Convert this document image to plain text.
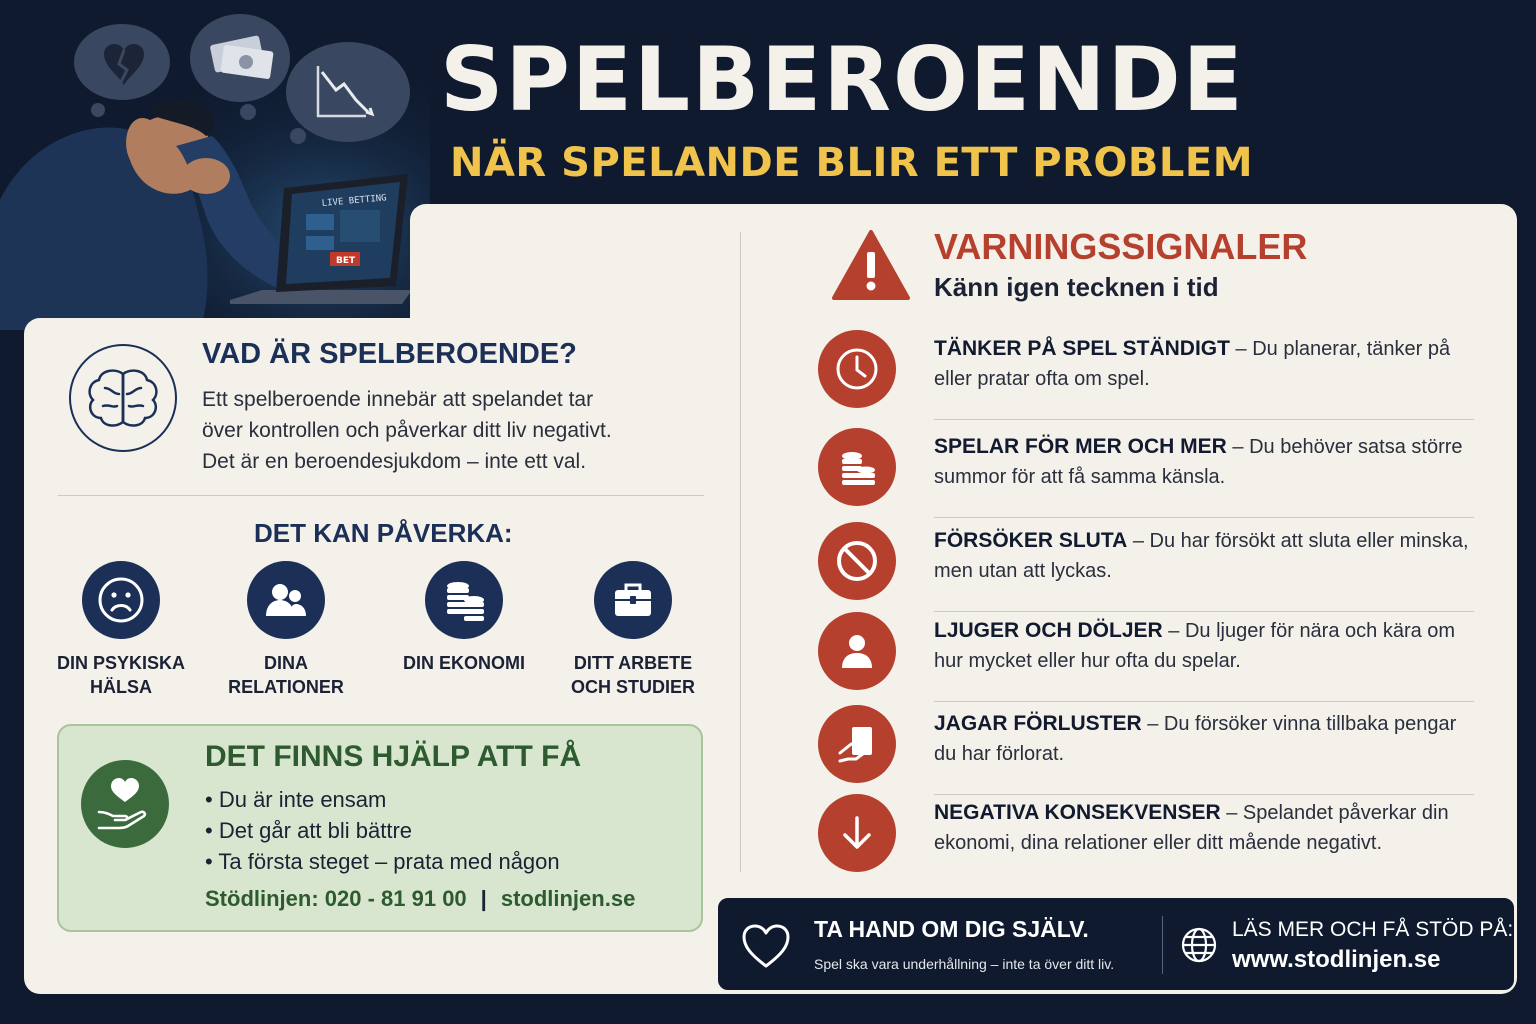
LIVE BETTING
BET
SPELBEROENDE
NÄR SPELANDE BLIR ETT PROBLEM
VAD ÄR SPELBEROENDE?
Ett spelberoende innebär att spelandet tar
över kontrollen och påverkar ditt liv negativt.
Det är en beroendesjukdom – inte ett val.
DET KAN PÅVERKA:
DIN PSYKISKA
HÄLSA
DINA RELATIONER
DIN EKONOMI	DITT ARBETE
OCH STUDIER
DET FINNS HJÄLP ATT FÅ
• Du är inte ensam
• Det går att bli bättre
• Ta första steget – prata med någon
Stödlinjen: 020 - 81 91 00 | stodlinjen.se
VARNINGSSIGNALER
Känn igen tecknen i tid
TÄNKER PÅ SPEL STÄNDIGT – Du planerar, tänker på eller pratar ofta om spel.
SPELAR FÖR MER OCH MER – Du behöver satsa större summor för att få samma känsla.
FÖRSÖKER SLUTA – Du har försökt att sluta eller minska, men utan att lyckas.
LJUGER OCH DÖLJER – Du ljuger för nära och kära om hur mycket eller hur ofta du spelar.
JAGAR FÖRLUSTER – Du försöker vinna tillbaka pengar du har förlorat.
NEGATIVA KONSEKVENSER – Spelandet påverkar din ekonomi, dina relationer eller ditt mående negativt.
TA HAND OM DIG SJÄLV.
Spel ska vara underhållning – inte ta över ditt liv.
LÄS MER OCH FÅ STÖD PÅ:
www.stodlinjen.se
